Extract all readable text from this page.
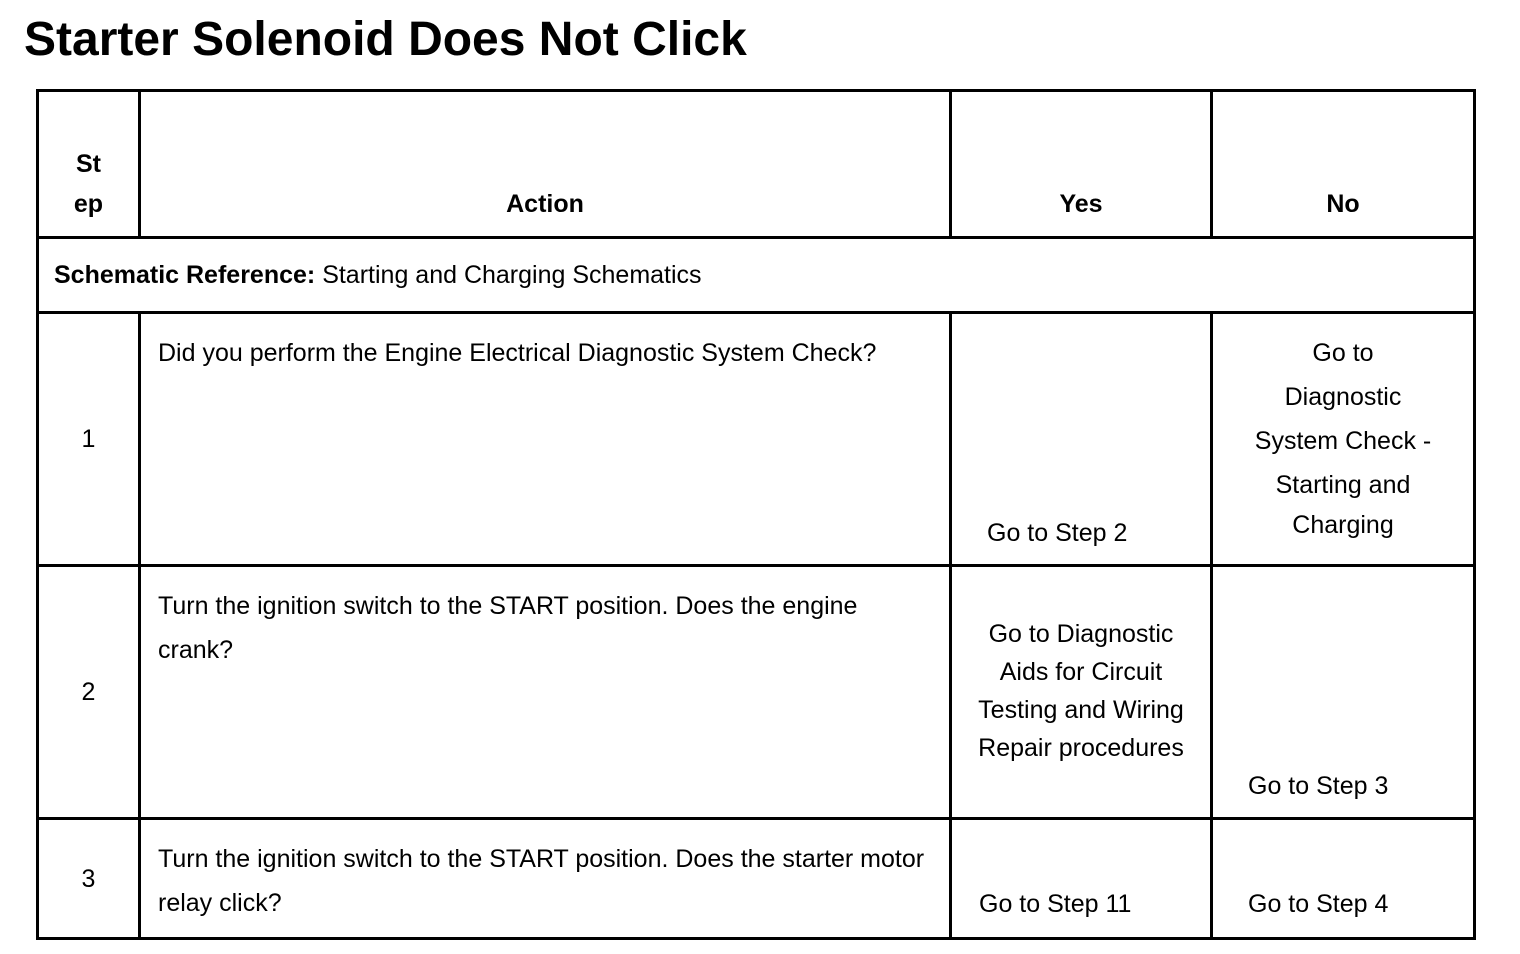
Starter Solenoid Does Not Click
St
ep	Action	Yes	No

Schematic Reference: Starting and Charging Schematics			
1	Did you perform the Engine Electrical Diagnostic System Check?	Go to Step 2	Go to
Diagnostic
System Check -
Starting and
Charging

2	Turn the ignition switch to the START position. Does the engine crank?	Go to Diagnostic
Aids for Circuit
Testing and Wiring
Repair procedures	Go to Step 3

3	Turn the ignition switch to the START position. Does the starter motor relay click?	Go to Step 11	Go to Step 4
